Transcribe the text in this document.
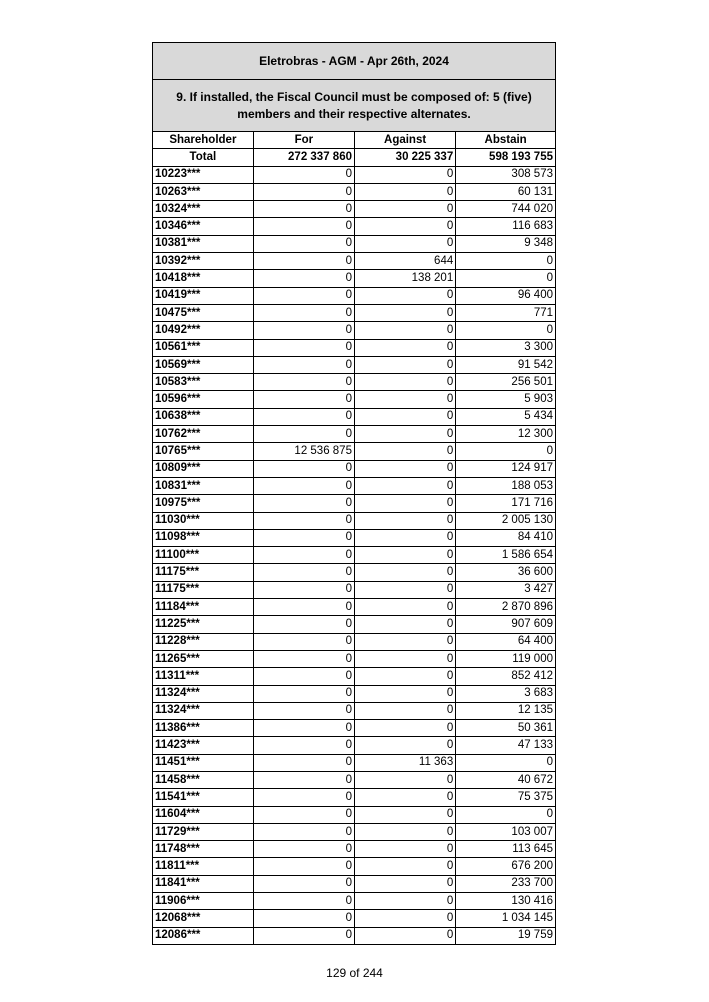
Eletrobras - AGM - Apr 26th, 2024
9. If installed, the Fiscal Council must be composed of: 5 (five) members and their respective alternates.
Shareholder	For	Against	Abstain
Total	272 337 860	30 225 337	598 193 755
10223***	0	0	308 573
10263***	0	0	60 131
10324***	0	0	744 020
10346***	0	0	116 683
10381***	0	0	9 348
10392***	0	644	0
10418***	0	138 201	0
10419***	0	0	96 400
10475***	0	0	771
10492***	0	0	0
10561***	0	0	3 300
10569***	0	0	91 542
10583***	0	0	256 501
10596***	0	0	5 903
10638***	0	0	5 434
10762***	0	0	12 300
10765***	12 536 875	0	0
10809***	0	0	124 917
10831***	0	0	188 053
10975***	0	0	171 716
11030***	0	0	2 005 130
11098***	0	0	84 410
11100***	0	0	1 586 654
11175***	0	0	36 600
11175***	0	0	3 427
11184***	0	0	2 870 896
11225***	0	0	907 609
11228***	0	0	64 400
11265***	0	0	119 000
11311***	0	0	852 412
11324***	0	0	3 683
11324***	0	0	12 135
11386***	0	0	50 361
11423***	0	0	47 133
11451***	0	11 363	0
11458***	0	0	40 672
11541***	0	0	75 375
11604***	0	0	0
11729***	0	0	103 007
11748***	0	0	113 645
11811***	0	0	676 200
11841***	0	0	233 700
11906***	0	0	130 416
12068***	0	0	1 034 145
12086***	0	0	19 759
129 of 244
